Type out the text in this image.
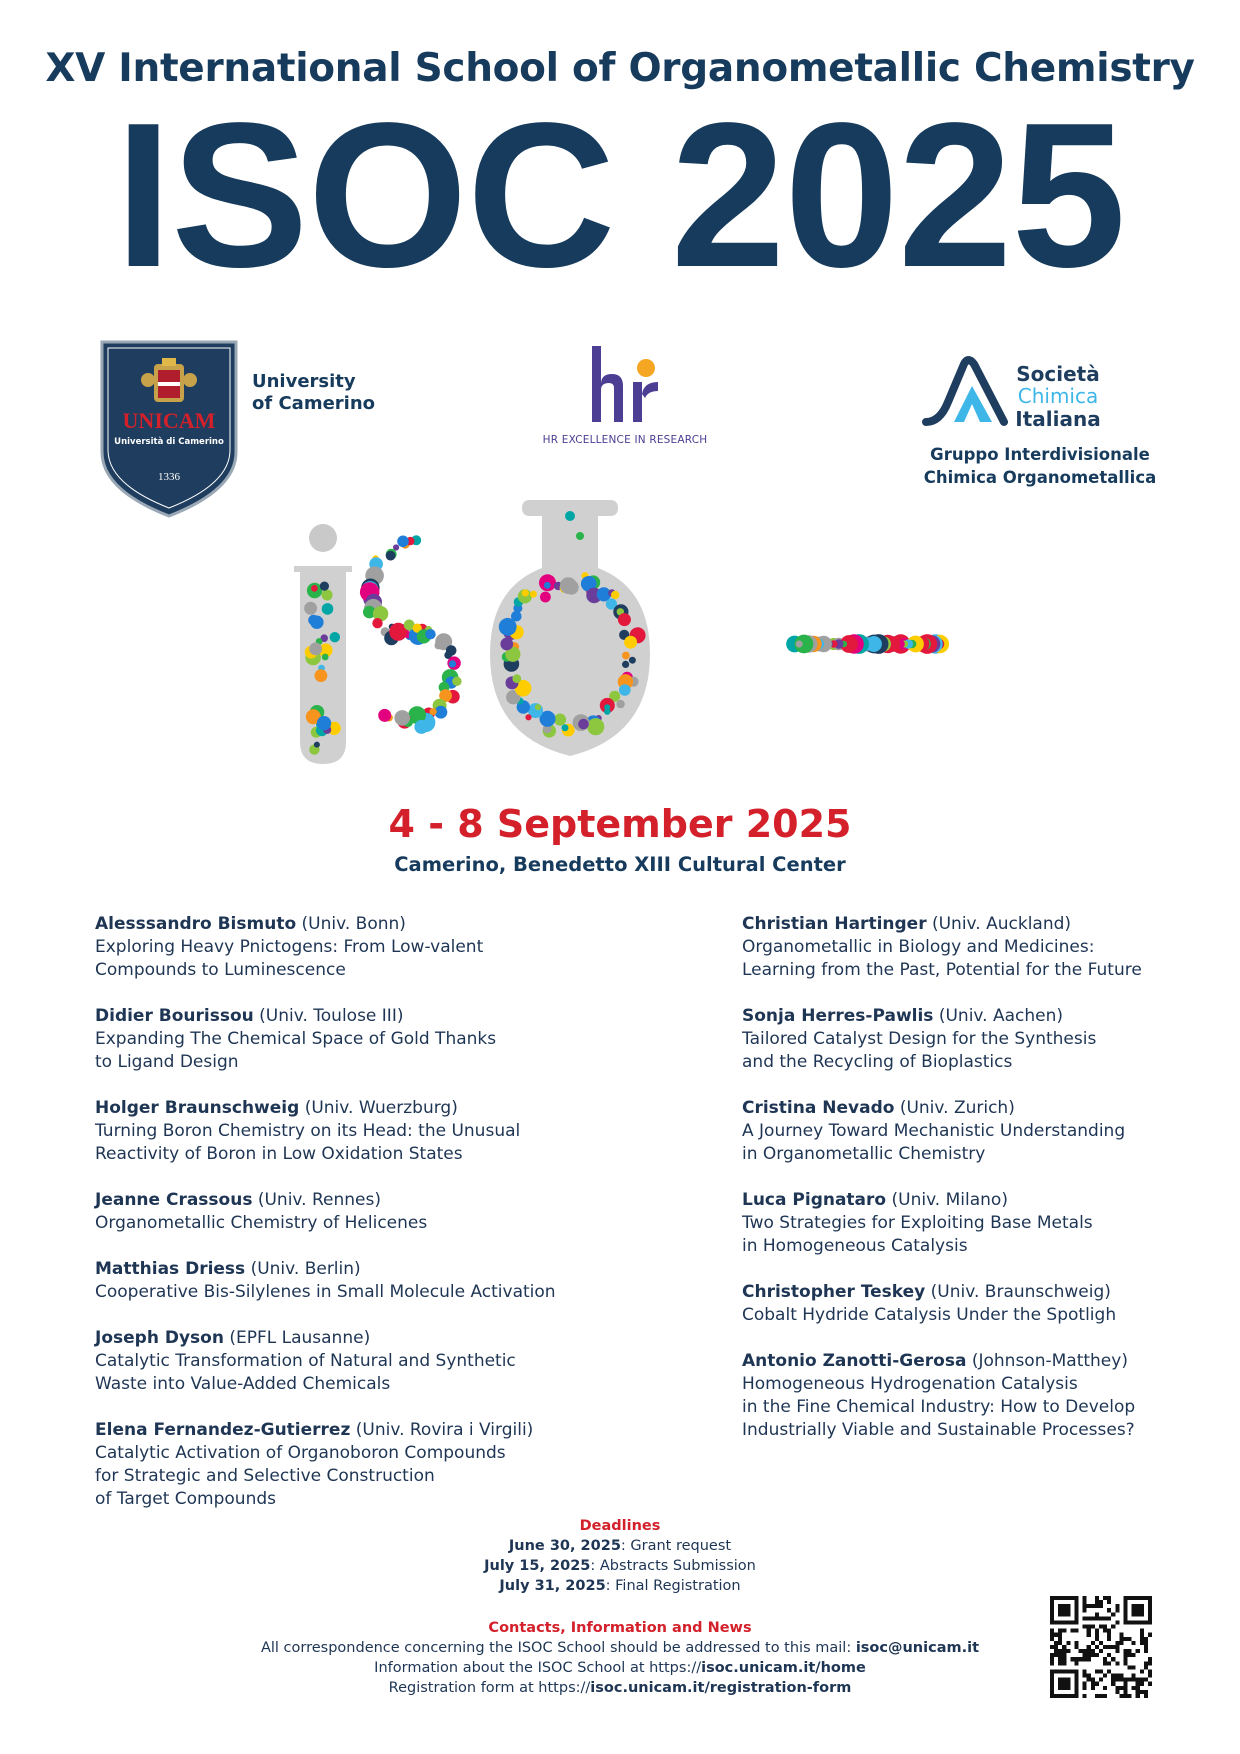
XV International School of Organometallic Chemistry
ISOC 2025
UNICAM
Università di Camerino
1336
University
of Camerino
HR EXCELLENCE IN RESEARCH
Società
Chimica
Italiana
Gruppo Interdivisionale
Chimica Organometallica
4 - 8 September 2025
Camerino, Benedetto XIII Cultural Center
Alesssandro Bismuto (Univ. Bonn)
Exploring Heavy Pnictogens: From Low-valent
Compounds to Luminescence
Didier Bourissou (Univ. Toulose III)
Expanding The Chemical Space of Gold Thanks
to Ligand Design
Holger Braunschweig (Univ. Wuerzburg)
Turning Boron Chemistry on its Head: the Unusual
Reactivity of Boron in Low Oxidation States
Jeanne Crassous (Univ. Rennes)
Organometallic Chemistry of Helicenes
Matthias Driess (Univ. Berlin)
Cooperative Bis-Silylenes in Small Molecule Activation
Joseph Dyson (EPFL Lausanne)
Catalytic Transformation of Natural and Synthetic
Waste into Value-Added Chemicals
Elena Fernandez-Gutierrez (Univ. Rovira i Virgili)
Catalytic Activation of Organoboron Compounds
for Strategic and Selective Construction
of Target Compounds
Christian Hartinger (Univ. Auckland)
Organometallic in Biology and Medicines:
Learning from the Past, Potential for the Future
Sonja Herres-Pawlis (Univ. Aachen)
Tailored Catalyst Design for the Synthesis
and the Recycling of Bioplastics
Cristina Nevado (Univ. Zurich)
A Journey Toward Mechanistic Understanding
in Organometallic Chemistry
Luca Pignataro (Univ. Milano)
Two Strategies for Exploiting Base Metals
in Homogeneous Catalysis
Christopher Teskey (Univ. Braunschweig)
Cobalt Hydride Catalysis Under the Spotligh
Antonio Zanotti-Gerosa (Johnson-Matthey)
Homogeneous Hydrogenation Catalysis
in the Fine Chemical Industry: How to Develop
Industrially Viable and Sustainable Processes?
Deadlines
June 30, 2025: Grant request
July 15, 2025: Abstracts Submission
July 31, 2025: Final Registration
Contacts, Information and News
All correspondence concerning the ISOC School should be addressed to this mail: isoc@unicam.it
Information about the ISOC School at https://isoc.unicam.it/home
Registration form at https://isoc.unicam.it/registration-form
